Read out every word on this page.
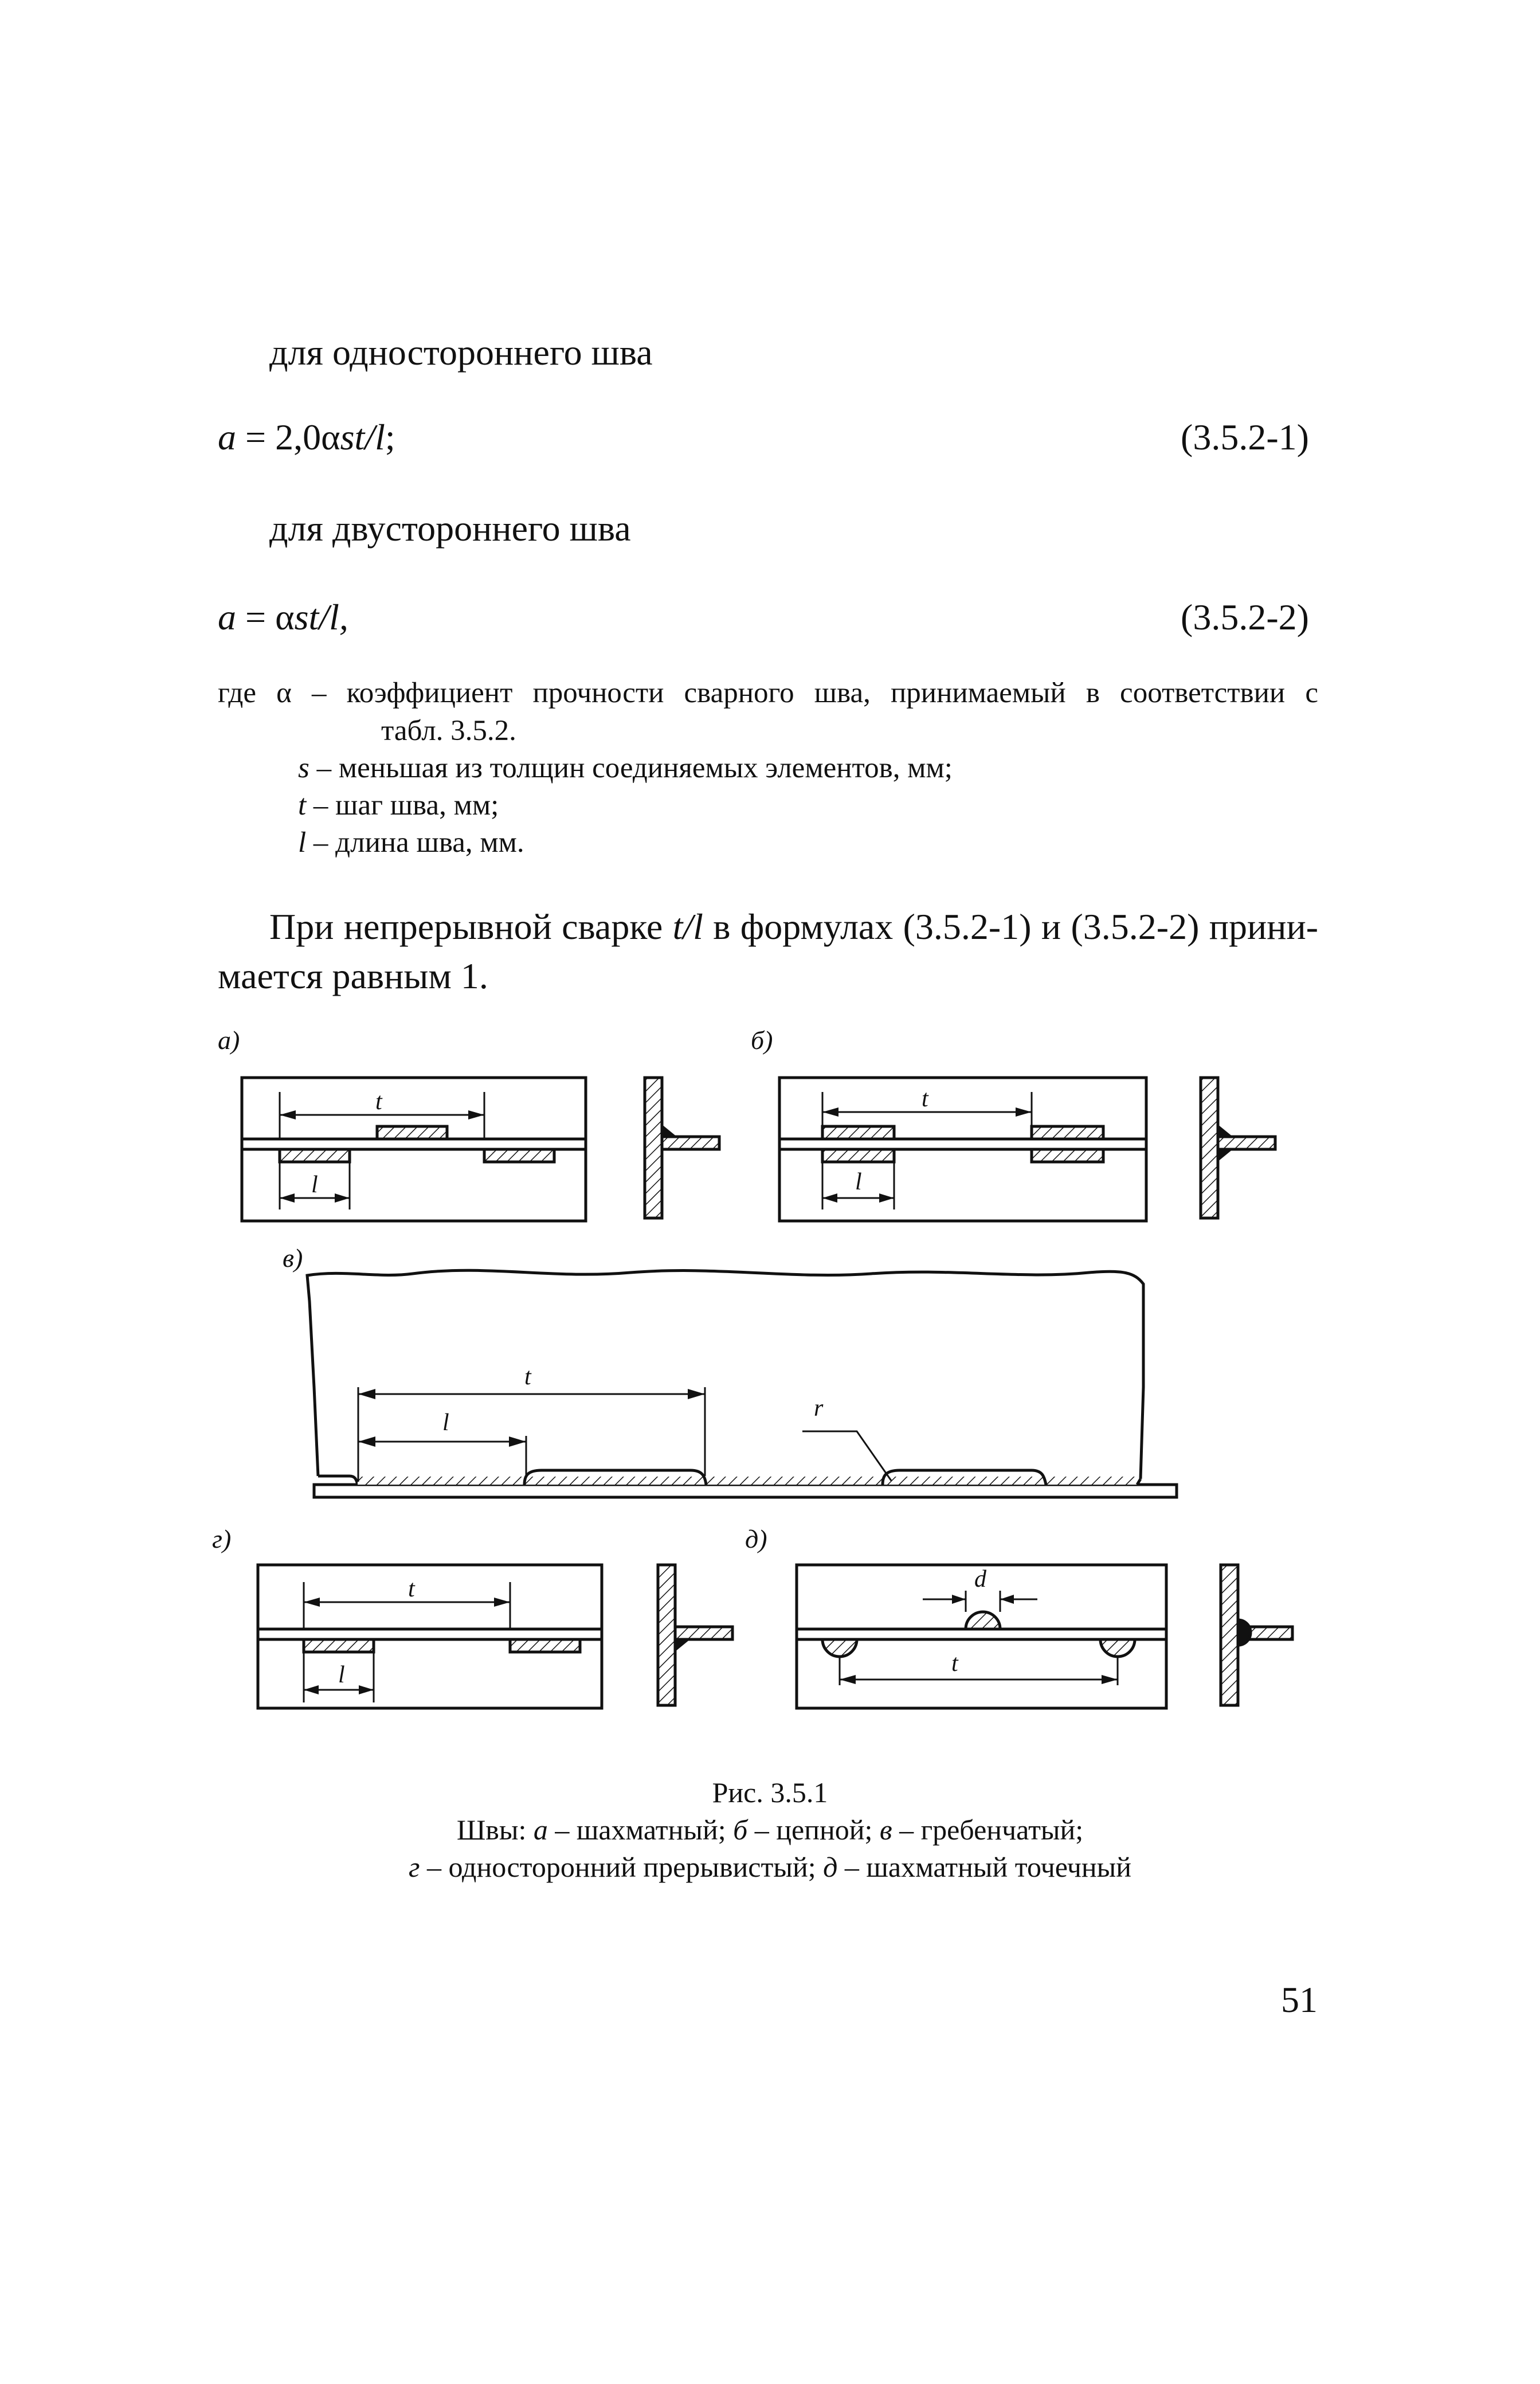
для одностороннего шва
a = 2,0αst/l;	(3.5.2-1)
для двустороннего шва
a = αst/l,	(3.5.2-2)
где α – коэффициент прочности сварного шва, принимаемый в соответствии с
табл. 3.5.2.
s – меньшая из толщин соединяемых элементов, мм;
t – шаг шва, мм;
l – длина шва, мм.
При непрерывной сварке t/l в формулах (3.5.2-1) и (3.5.2-2) прини-
мается равным 1.
а)
t
l
б)
t
l
в)
t
l
r
г)
t
l
д)
d
t
Рис. 3.5.1
Швы: а – шахматный; б – цепной; в – гребенчатый;
г – односторонний прерывистый; д – шахматный точечный
51
